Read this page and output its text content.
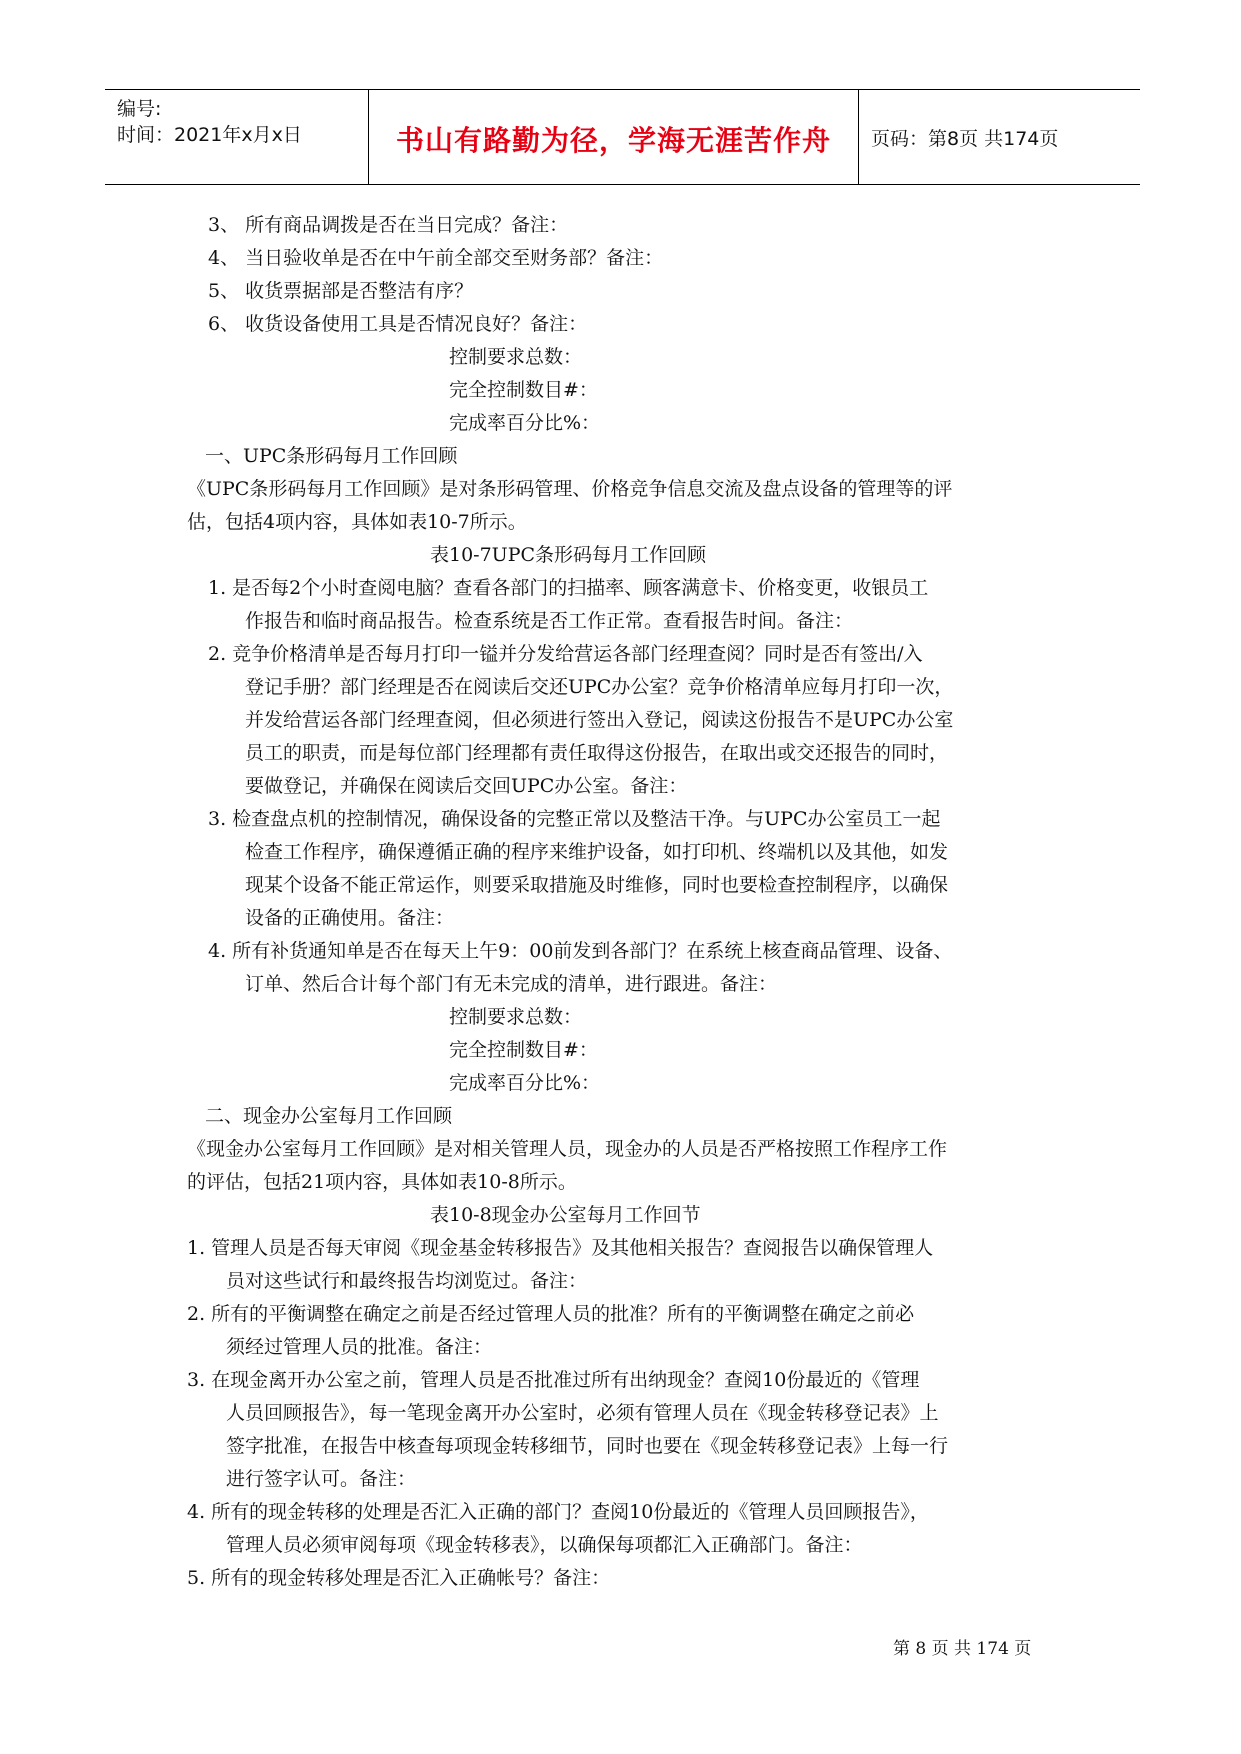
编号:
时间：2021年x月x日	书山有路勤为径，学海无涯苦作舟	页码：第8页 共174页
3、 所有商品调拨是否在当日完成？备注：
4、 当日验收单是否在中午前全部交至财务部？备注：
5、 收货票据部是否整洁有序？
6、 收货设备使用工具是否情况良好？备注：
控制要求总数：
完全控制数目#：
完成率百分比%：
一、UPC条形码每月工作回顾
《UPC条形码每月工作回顾》是对条形码管理、价格竞争信息交流及盘点设备的管理等的评
估，包括4项内容，具体如表10-7所示。
表10-7UPC条形码每月工作回顾
1. 是否每2个小时查阅电脑？查看各部门的扫描率、顾客满意卡、价格变更，收银员工
作报告和临时商品报告。检查系统是否工作正常。查看报告时间。备注：
2. 竞争价格清单是否每月打印一镒并分发给营运各部门经理查阅？同时是否有签出/入
登记手册？部门经理是否在阅读后交还UPC办公室？竞争价格清单应每月打印一次，
并发给营运各部门经理查阅，但必须进行签出入登记，阅读这份报告不是UPC办公室
员工的职责，而是每位部门经理都有责任取得这份报告，在取出或交还报告的同时，
要做登记，并确保在阅读后交回UPC办公室。备注：
3. 检查盘点机的控制情况，确保设备的完整正常以及整洁干净。与UPC办公室员工一起
检查工作程序，确保遵循正确的程序来维护设备，如打印机、终端机以及其他，如发
现某个设备不能正常运作，则要采取措施及时维修，同时也要检查控制程序，以确保
设备的正确使用。备注：
4. 所有补货通知单是否在每天上午9：00前发到各部门？在系统上核查商品管理、设备、
订单、然后合计每个部门有无未完成的清单，进行跟进。备注：
控制要求总数：
完全控制数目#：
完成率百分比%：
二、现金办公室每月工作回顾
《现金办公室每月工作回顾》是对相关管理人员，现金办的人员是否严格按照工作程序工作
的评估，包括21项内容，具体如表10-8所示。
表10-8现金办公室每月工作回节
1. 管理人员是否每天审阅《现金基金转移报告》及其他相关报告？查阅报告以确保管理人
员对这些试行和最终报告均浏览过。备注：
2. 所有的平衡调整在确定之前是否经过管理人员的批准？所有的平衡调整在确定之前必
须经过管理人员的批准。备注：
3. 在现金离开办公室之前，管理人员是否批准过所有出纳现金？查阅10份最近的《管理
人员回顾报告》，每一笔现金离开办公室时，必须有管理人员在《现金转移登记表》上
签字批准，在报告中核查每项现金转移细节，同时也要在《现金转移登记表》上每一行
进行签字认可。备注：
4. 所有的现金转移的处理是否汇入正确的部门？查阅10份最近的《管理人员回顾报告》，
管理人员必须审阅每项《现金转移表》，以确保每项都汇入正确部门。备注：
5. 所有的现金转移处理是否汇入正确帐号？备注：
第 8 页 共 174 页
